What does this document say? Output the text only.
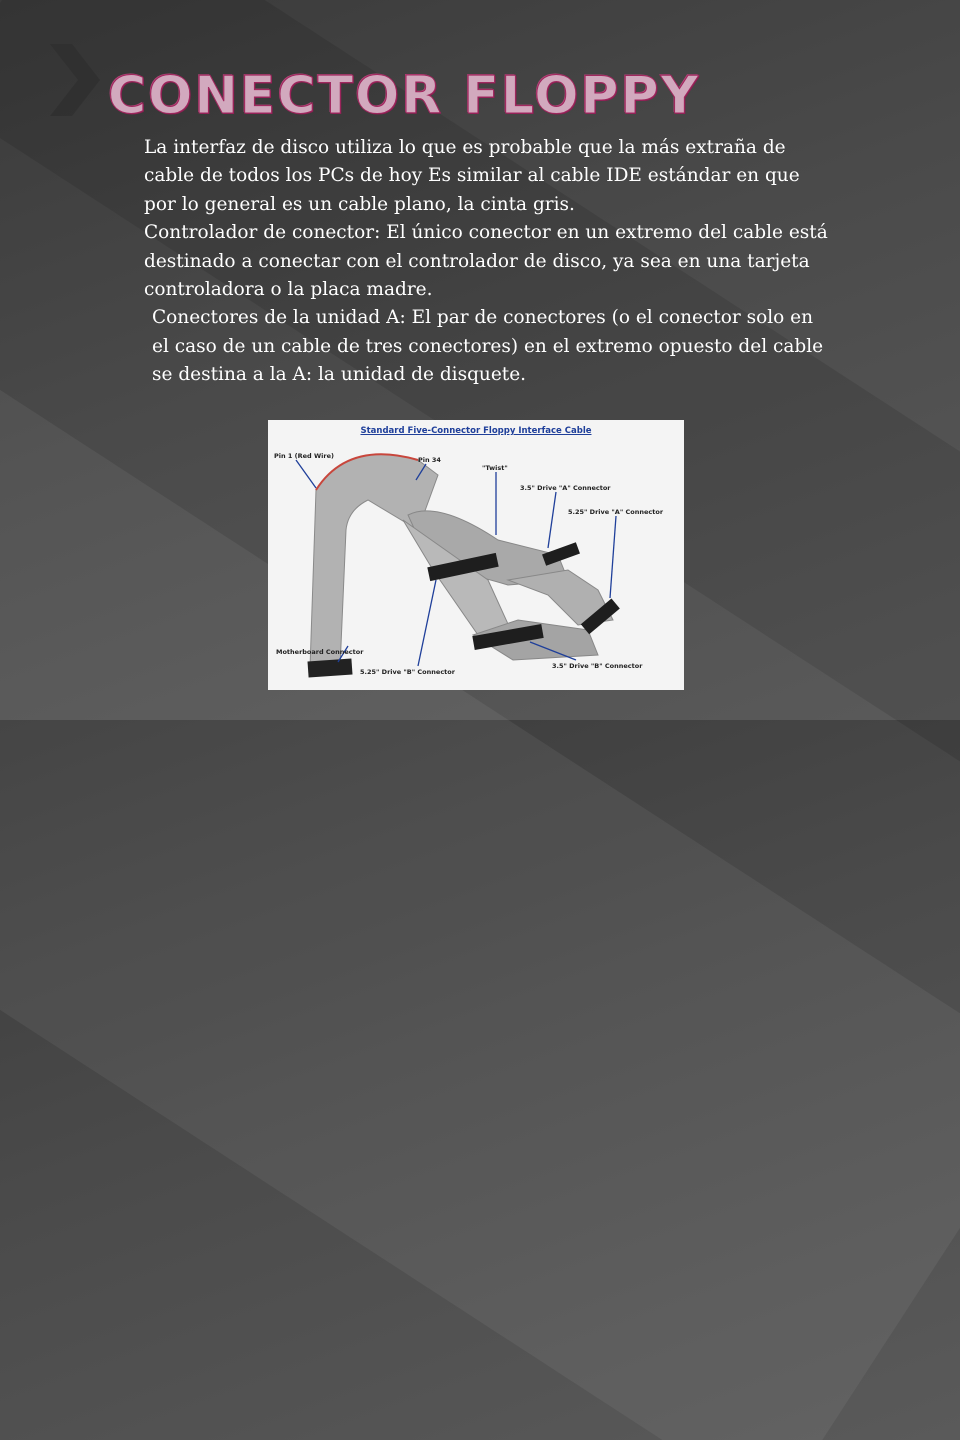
CONECTOR FLOPPY

La interfaz de disco utiliza lo que es probable que la más extraña de cable de todos los PCs de hoy Es similar al cable IDE estándar en que por lo general es un cable plano, la cinta gris.

Controlador de conector: El único conector en un extremo del cable está destinado a conectar con el controlador de disco, ya sea en una tarjeta controladora o la placa madre.

Conectores de la unidad A: El par de conectores (o el conector solo en el caso de un cable de tres conectores) en el extremo opuesto del cable se destina a la A: la unidad de disquete.

Standard Five-Connector Floppy Interface Cable
Pin 1 (Red Wire)	Pin 34
"Twist"
3.5" Drive "A" Connector
5.25" Drive "A" Connector
Motherboard Connector
5.25" Drive "B" Connector
3.5" Drive "B" Connector
